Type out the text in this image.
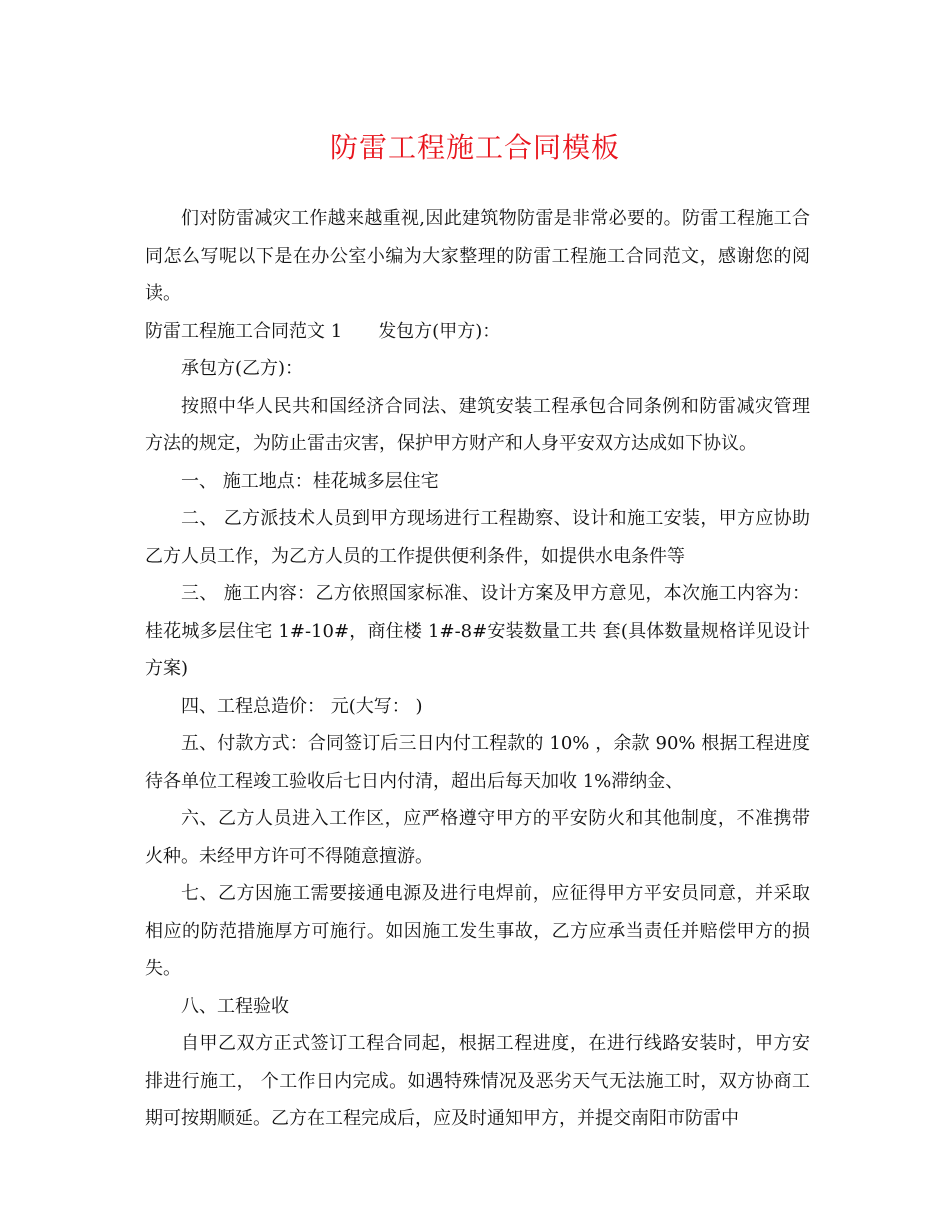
防雷工程施工合同模板

们对防雷减灾工作越来越重视,因此建筑物防雷是非常必要的。防雷工程施工合同怎么写呢以下是在办公室小编为大家整理的防雷工程施工合同范文，感谢您的阅读。

防雷工程施工合同范文 1 发包方(甲方)：

承包方(乙方)：

按照中华人民共和国经济合同法、建筑安装工程承包合同条例和防雷减灾管理方法的规定，为防止雷击灾害，保护甲方财产和人身平安双方达成如下协议。

一、 施工地点：桂花城多层住宅

二、 乙方派技术人员到甲方现场进行工程勘察、设计和施工安装，甲方应协助乙方人员工作，为乙方人员的工作提供便利条件，如提供水电条件等

三、 施工内容：乙方依照国家标准、设计方案及甲方意见，本次施工内容为：桂花城多层住宅 1#-10#，商住楼 1#-8#安装数量工共 套(具体数量规格详见设计方案)

四、工程总造价： 元(大写： )

五、付款方式：合同签订后三日内付工程款的 10% ，余款 90% 根据工程进度待各单位工程竣工验收后七日内付清，超出后每天加收 1%滞纳金、

六、乙方人员进入工作区，应严格遵守甲方的平安防火和其他制度，不准携带火种。未经甲方许可不得随意擅游。

七、乙方因施工需要接通电源及进行电焊前，应征得甲方平安员同意，并采取相应的防范措施厚方可施行。如因施工发生事故，乙方应承当责任并赔偿甲方的损失。

八、工程验收

自甲乙双方正式签订工程合同起，根据工程进度，在进行线路安装时，甲方安排进行施工， 个工作日内完成。如遇特殊情况及恶劣天气无法施工时，双方协商工期可按期顺延。乙方在工程完成后，应及时通知甲方，并提交南阳市防雷中
